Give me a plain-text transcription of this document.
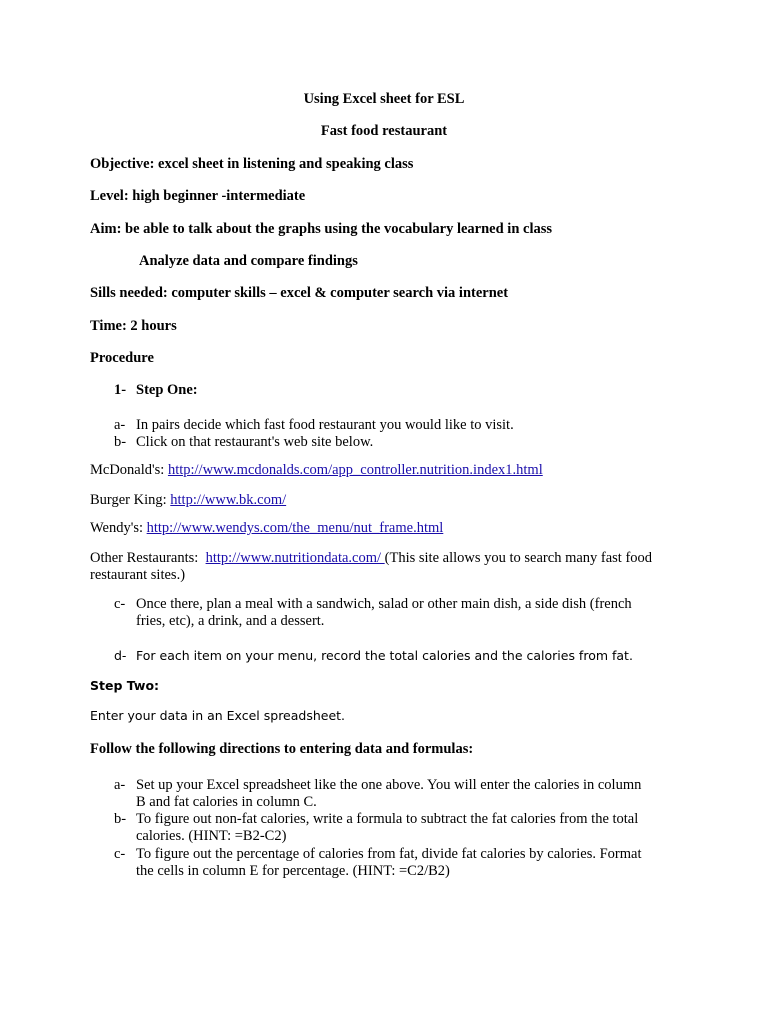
Using Excel sheet for ESL
Fast food restaurant
Objective: excel sheet in listening and speaking class
Level: high beginner -intermediate
Aim: be able to talk about the graphs using the vocabulary learned in class
Analyze data and compare findings
Sills needed: computer skills – excel & computer search via internet
Time: 2 hours
Procedure
1- Step One:
a- In pairs decide which fast food restaurant you would like to visit.
b- Click on that restaurant's web site below.
McDonald's: http://www.mcdonalds.com/app_controller.nutrition.index1.html
Burger King: http://www.bk.com/
Wendy's: http://www.wendys.com/the_menu/nut_frame.html
Other Restaurants:  http://www.nutritiondata.com/ (This site allows you to search many fast food
restaurant sites.)
c- Once there, plan a meal with a sandwich, salad or other main dish, a side dish (french
fries, etc), a drink, and a dessert.
d- For each item on your menu, record the total calories and the calories from fat.
Step Two:
Enter your data in an Excel spreadsheet.
Follow the following directions to entering data and formulas:
a- Set up your Excel spreadsheet like the one above. You will enter the calories in column
B and fat calories in column C.
b- To figure out non-fat calories, write a formula to subtract the fat calories from the total
calories. (HINT: =B2-C2)
c- To figure out the percentage of calories from fat, divide fat calories by calories. Format
the cells in column E for percentage. (HINT: =C2/B2)
